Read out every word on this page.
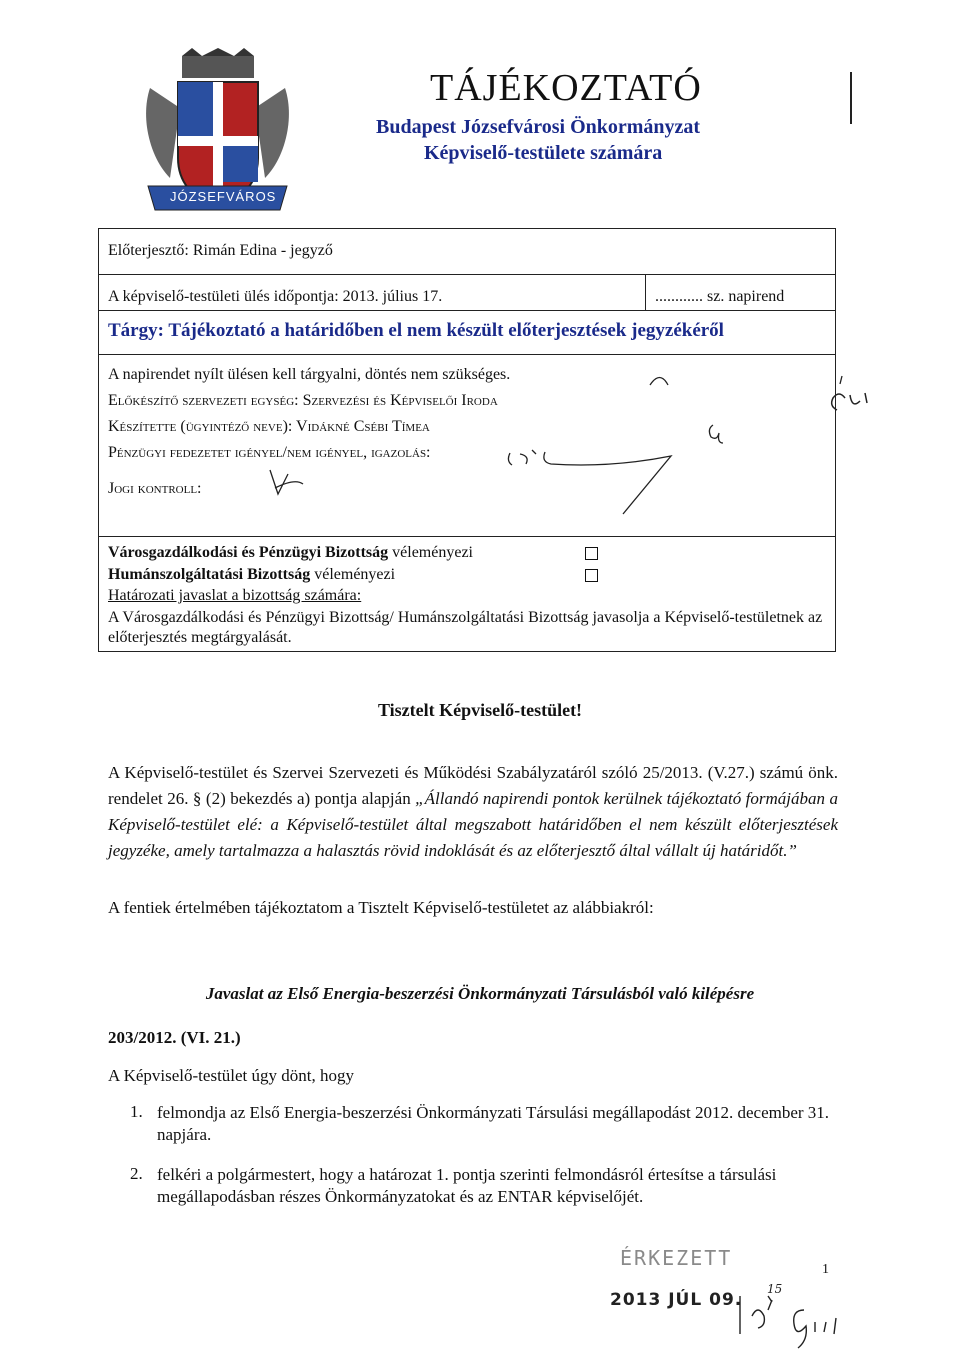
JÓZSEFVÁROS
TÁJÉKOZTATÓ
Budapest Józsefvárosi Önkormányzat
Képviselő-testülete számára
Előterjesztő: Rimán Edina - jegyző
A képviselő-testületi ülés időpontja: 2013. július 17.	............ sz. napirend
Tárgy: Tájékoztató a határidőben el nem készült előterjesztések jegyzékéről
A napirendet nyílt ülésen kell tárgyalni, döntés nem szükséges.
Előkészítő szervezeti egység: Szervezési és Képviselői Iroda
Készítette (ügyintéző neve): Vidákné Csébi Tímea
Pénzügyi fedezetet igényel/nem igényel, igazolás:
Jogi kontroll:
15
Városgazdálkodási és Pénzügyi Bizottság véleményezi
Humánszolgáltatási Bizottság véleményezi
Határozati javaslat a bizottság számára:
A Városgazdálkodási és Pénzügyi Bizottság/ Humánszolgáltatási Bizottság javasolja a Képviselő-testületnek az előterjesztés megtárgyalását.
Tisztelt Képviselő-testület!
A Képviselő-testület és Szervei Szervezeti és Működési Szabályzatáról szóló 25/2013. (V.27.) számú önk. rendelet 26. § (2) bekezdés a) pontja alapján „Állandó napirendi pontok kerülnek tájékoztató formájában a Képviselő-testület elé: a Képviselő-testület által megszabott határidőben el nem készült előterjesztések jegyzéke, amely tartalmazza a halasztás rövid indoklását és az előterjesztő által vállalt új határidőt.”
A fentiek értelmében tájékoztatom a Tisztelt Képviselő-testületet az alábbiakról:
Javaslat az Első Energia-beszerzési Önkormányzati Társulásból való kilépésre
203/2012. (VI. 21.)
A Képviselő-testület úgy dönt, hogy
1. felmondja az Első Energia-beszerzési Önkormányzati Társulási megállapodást 2012. december 31. napjára.
2. felkéri a polgármestert, hogy a határozat 1. pontja szerinti felmondásról értesítse a társulási megállapodásban részes Önkormányzatokat és az ENTAR képviselőjét.
ÉRKEZETT
2013 JÚL 09.
1
